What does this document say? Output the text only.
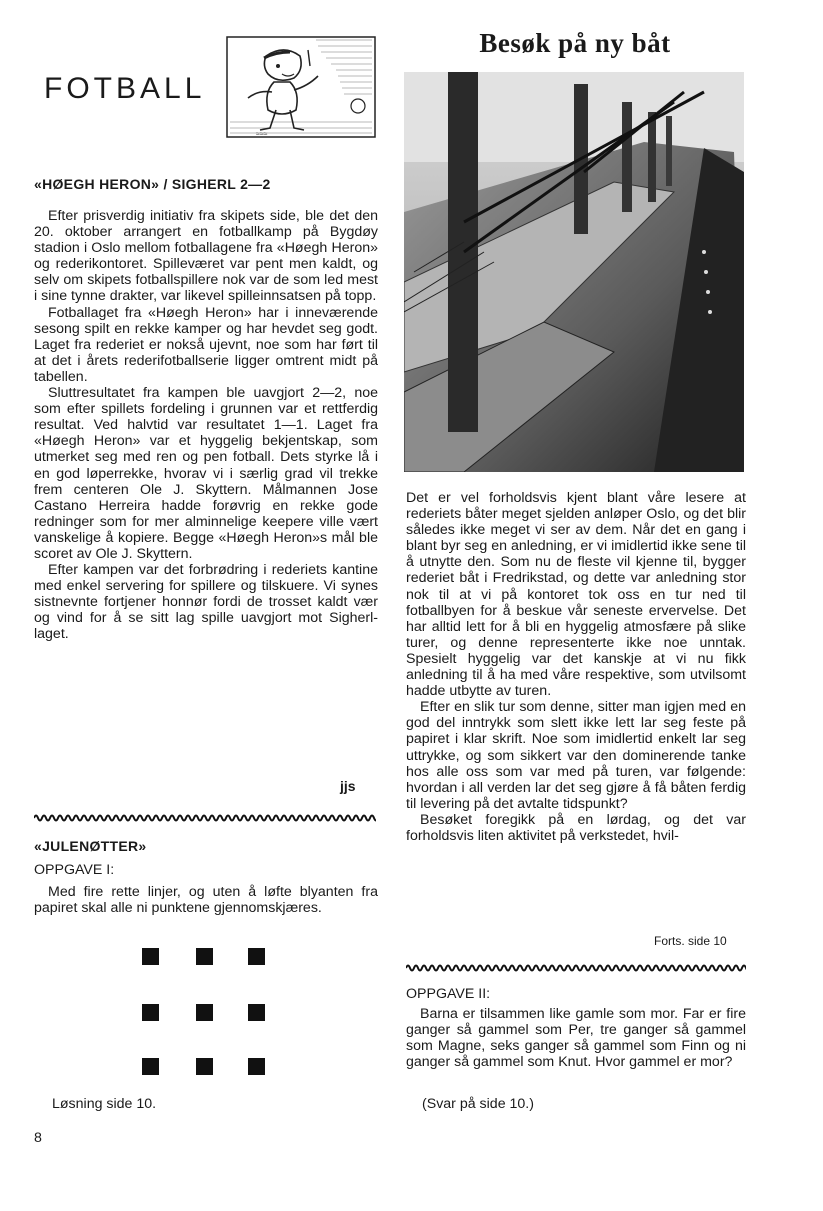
FOTBALL
≈≈≈
«HØEGH HERON» / SIGHERL 2—2

Efter prisverdig initiativ fra skipets side, ble det den 20. oktober arrangert en fotballkamp på Bygdøy stadion i Oslo mellom fotballagene fra «Høegh Heron» og rederikontoret. Spilleværet var pent men kaldt, og selv om skipets fotballspillere nok var de som led mest i sine tynne drakter, var likevel spilleinnsatsen på topp.

Fotballaget fra «Høegh Heron» har i inneværende sesong spilt en rekke kamper og har hevdet seg godt. Laget fra rederiet er nokså ujevnt, noe som har ført til at det i årets rederifotballserie ligger omtrent midt på tabellen.

Sluttresultatet fra kampen ble uavgjort 2—2, noe som efter spillets fordeling i grunnen var et rettferdig resultat. Ved halvtid var resultatet 1—1. Laget fra «Høegh Heron» var et hyggelig bekjentskap, som utmerket seg med ren og pen fotball. Dets styrke lå i en god løperrekke, hvorav vi i særlig grad vil trekke frem centeren Ole J. Skyttern. Målmannen Jose Castano Herreira hadde forøvrig en rekke gode redninger som for mer alminnelige keepere ville vært vanskelige å kopiere. Begge «Høegh Heron»s mål ble scoret av Ole J. Skyttern.

Efter kampen var det forbrødring i rederiets kantine med enkel servering for spillere og tilskuere. Vi synes sistnevnte fortjener honnør fordi de trosset kaldt vær og vind for å se sitt lag spille uavgjort mot Sigherl-laget.

jjs
«JULENØTTER»
OPPGAVE I:

Med fire rette linjer, og uten å løfte blyanten fra papiret skal alle ni punktene gjennomskjæres.

Løsning side 10.
8
Besøk på ny båt

Det er vel forholdsvis kjent blant våre lesere at rederiets båter meget sjelden anløper Oslo, og det blir således ikke meget vi ser av dem. Når det en gang i blant byr seg en anledning, er vi imidlertid ikke sene til å utnytte den. Som nu de fleste vil kjenne til, bygger rederiet båt i Fredrikstad, og dette var anledning stor nok til at vi på kontoret tok oss en tur ned til fotballbyen for å beskue vår seneste ervervelse. Det har alltid lett for å bli en hyggelig atmosfære på slike turer, og denne representerte ikke noe unntak. Spesielt hyggelig var det kanskje at vi nu fikk anledning til å ha med våre respektive, som utvilsomt hadde utbytte av turen.

Efter en slik tur som denne, sitter man igjen med en god del inntrykk som slett ikke lett lar seg feste på papiret i klar skrift. Noe som imidlertid enkelt lar seg uttrykke, og som sikkert var den dominerende tanke hos alle oss som var med på turen, var følgende: hvordan i all verden lar det seg gjøre å få båten ferdig til levering på det avtalte tidspunkt?

Besøket foregikk på en lørdag, og det var forholdsvis liten aktivitet på verkstedet, hvil-

Forts. side 10
OPPGAVE II:

Barna er tilsammen like gamle som mor. Far er fire ganger så gammel som Per, tre ganger så gammel som Magne, seks ganger så gammel som Finn og ni ganger så gammel som Knut. Hvor gammel er mor?

(Svar på side 10.)
